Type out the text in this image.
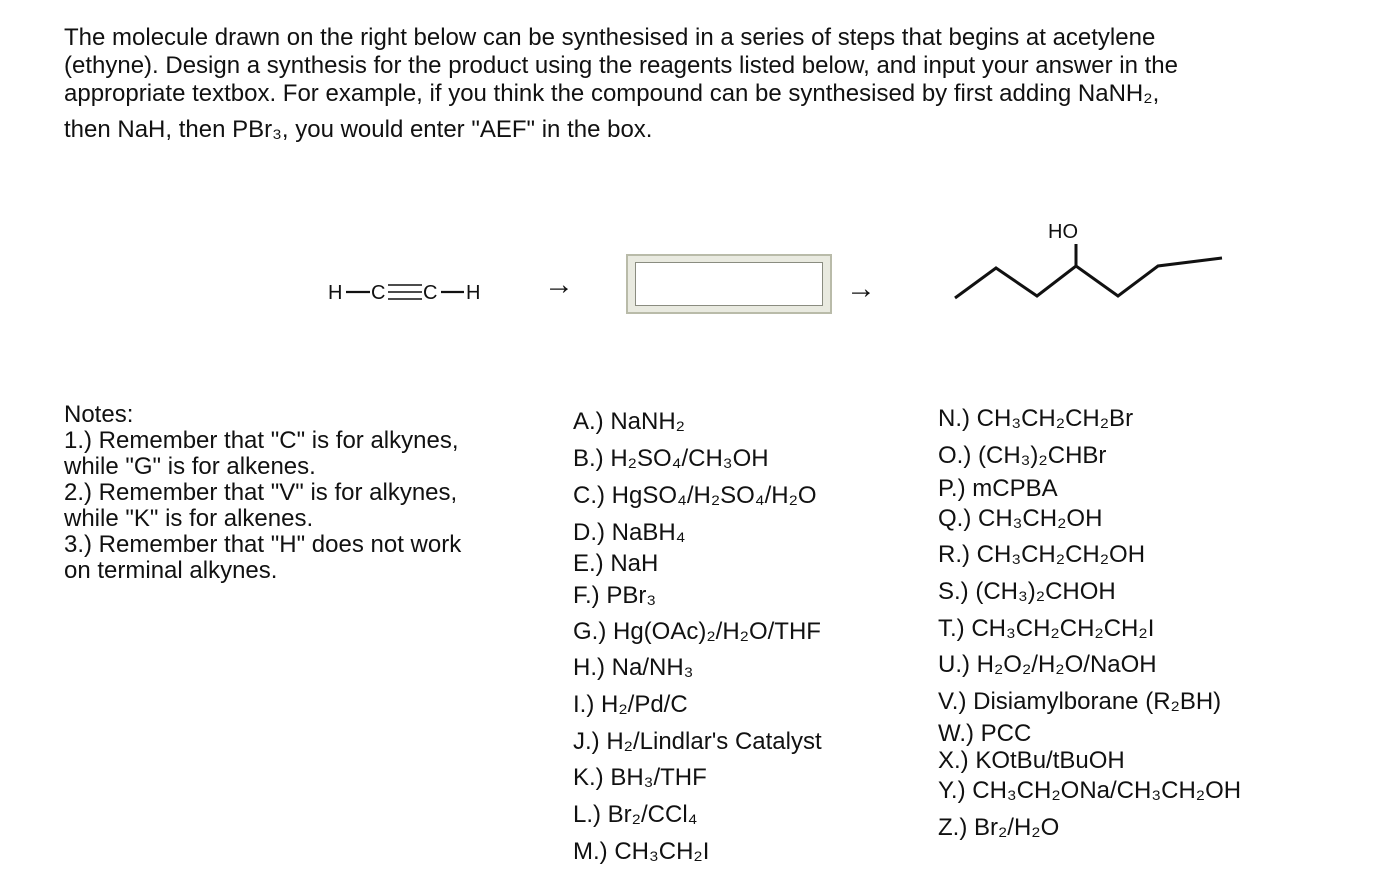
The molecule drawn on the right below can be synthesised in a series of steps that begins at acetylene
(ethyne). Design a synthesis for the product using the reagents listed below, and input your answer in the
appropriate textbox. For example, if you think the compound can be synthesised by first adding NaNH₂,
then NaH, then PBr₃, you would enter "AEF" in the box.
H C C H →	→
HO
Notes:
1.) Remember that "C" is for alkynes,
while "G" is for alkenes.
2.) Remember that "V" is for alkynes,
while "K" is for alkenes.
3.) Remember that "H" does not work
on terminal alkynes.
A.) NaNH₂
B.) H₂SO₄/CH₃OH
C.) HgSO₄/H₂SO₄/H₂O
D.) NaBH₄
E.) NaH
F.) PBr₃
G.) Hg(OAc)₂/H₂O/THF
H.) Na/NH₃
I.) H₂/Pd/C
J.) H₂/Lindlar's Catalyst
K.) BH₃/THF
L.) Br₂/CCl₄
M.) CH₃CH₂I
N.) CH₃CH₂CH₂Br
O.) (CH₃)₂CHBr
P.) mCPBA
Q.) CH₃CH₂OH
R.) CH₃CH₂CH₂OH
S.) (CH₃)₂CHOH
T.) CH₃CH₂CH₂CH₂I
U.) H₂O₂/H₂O/NaOH
V.) Disiamylborane (R₂BH)
W.) PCC
X.) KOtBu/tBuOH
Y.) CH₃CH₂ONa/CH₃CH₂OH
Z.) Br₂/H₂O
